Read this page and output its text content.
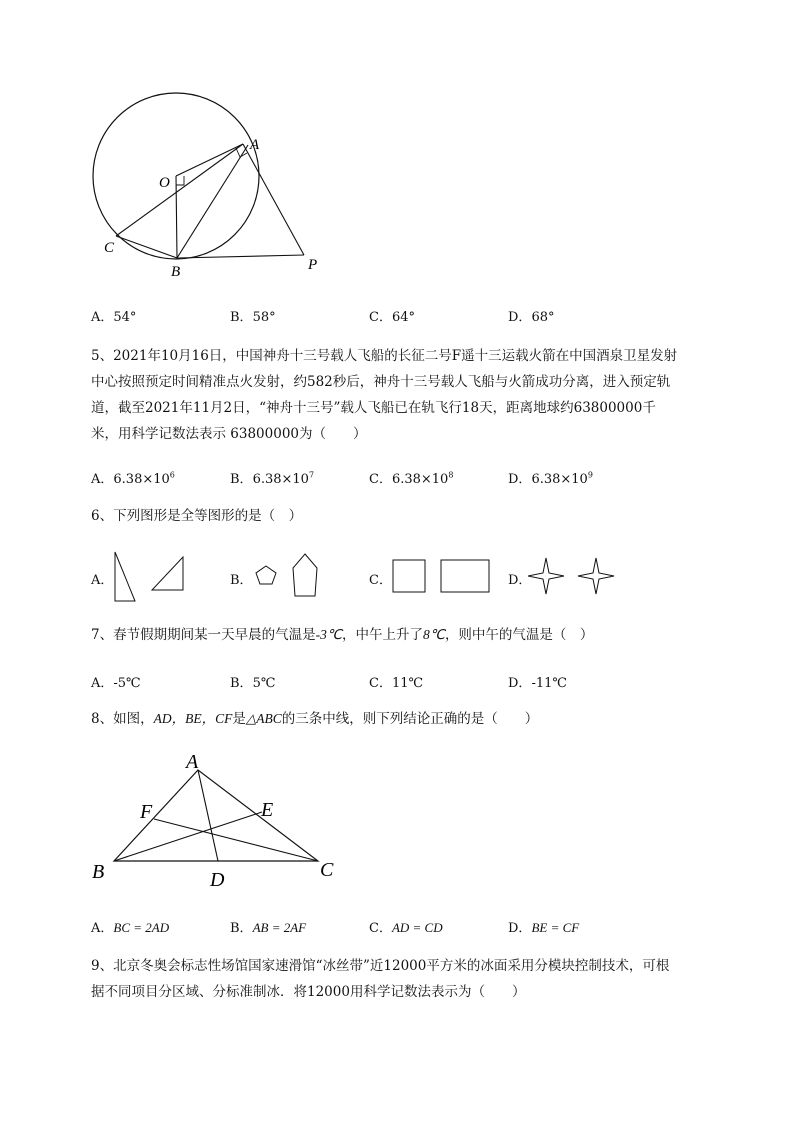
A
O
C
B	P
A．54°	B．58°	C．64°	D．68°
5、2021年10月16日，中国神舟十三号载人飞船的长征二号F遥十三运载火箭在中国酒泉卫星发射
中心按照预定时间精准点火发射，约582秒后，神舟十三号载人飞船与火箭成功分离，进入预定轨
道，截至2021年11月2日，“神舟十三号”载人飞船已在轨飞行18天，距离地球约63800000千
米，用科学记数法表示 63800000为（　　）
A．$6.38\times 10^6$	B．$6.38\times 10^7$	C．$6.38\times 10^8$	D．$6.38\times 10^9$
6、下列图形是全等图形的是（　）
A．	B．	C．	D．
7、春节假期期间某一天早晨的气温是-3℃，中午上升了8℃，则中午的气温是（　）
A．-5℃	B．5℃	C．11℃	D．-11℃
8、如图，AD，BE，CF是△ABC的三条中线，则下列结论正确的是（　　）
A
F	E
B	D	C
A．BC = 2AD	B．AB = 2AF	C．AD = CD	D．BE = CF
9、北京冬奥会标志性场馆国家速滑馆“冰丝带”近12000平方米的冰面采用分模块控制技术，可根
据不同项目分区域、分标准制冰．将12000用科学记数法表示为（　　）
